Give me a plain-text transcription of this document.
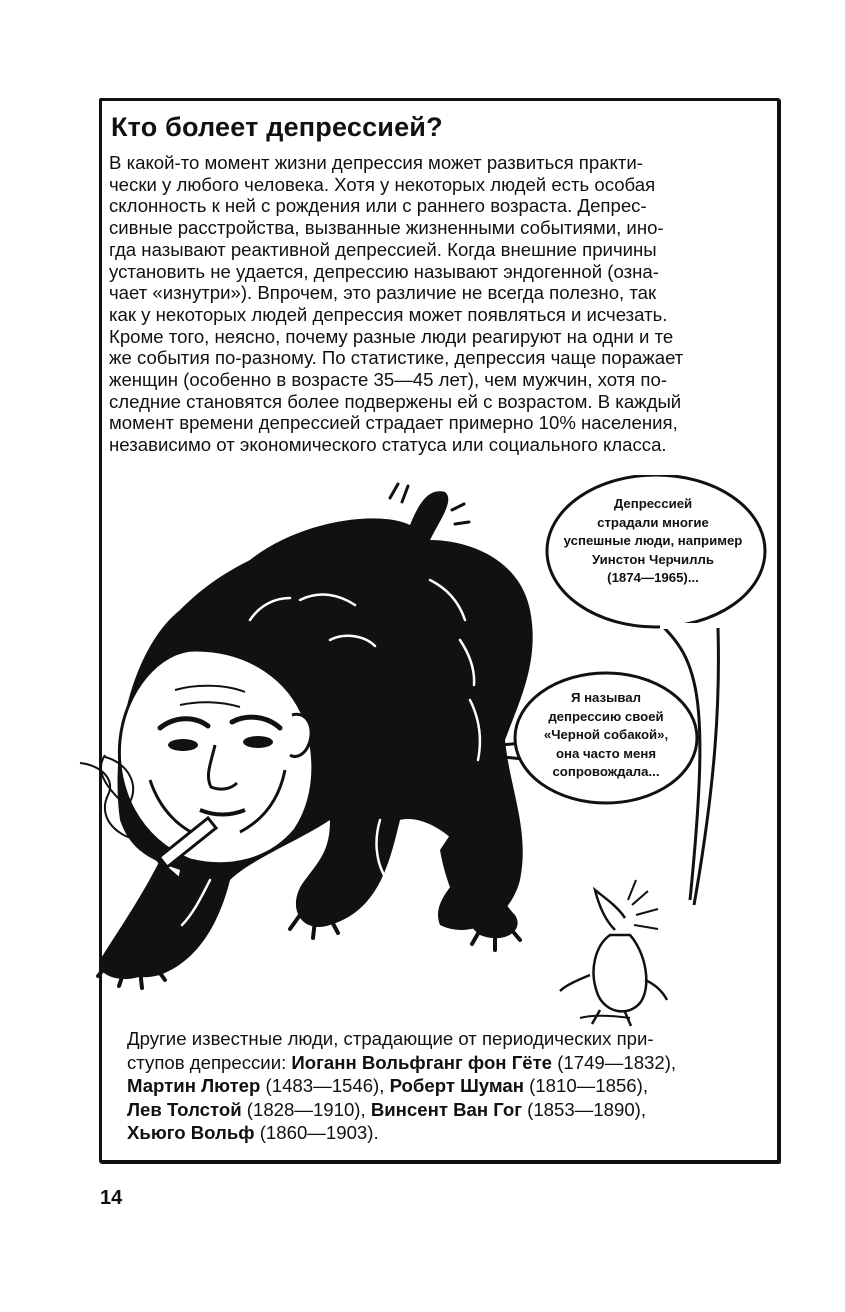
Кто болеет депрессией?
В какой-то момент жизни депрессия может развиться практи-
чески у любого человека. Хотя у некоторых людей есть особая
склонность к ней с рождения или с раннего возраста. Депрес-
сивные расстройства, вызванные жизненными событиями, ино-
гда называют реактивной депрессией. Когда внешние причины
установить не удается, депрессию называют эндогенной (озна-
чает «изнутри»). Впрочем, это различие не всегда полезно, так
как у некоторых людей депрессия может появляться и исчезать.
Кроме того, неясно, почему разные люди реагируют на одни и те
же события по-разному. По статистике, депрессия чаще поражает
женщин (особенно в возрасте 35—45 лет), чем мужчин, хотя по-
следние становятся более подвержены ей с возрастом. В каждый
момент времени депрессией страдает примерно 10% населения,
независимо от экономического статуса или социального класса.
Депрессией
страдали многие
успешные люди, например
Уинстон Черчилль
(1874—1965)...
Я называл
депрессию своей
«Черной собакой»,
она часто меня
сопровождала...
Другие известные люди, страдающие от периодических при-
ступов депрессии: Иоганн Вольфганг фон Гёте (1749—1832),
Мартин Лютер (1483—1546), Роберт Шуман (1810—1856),
Лев Толстой (1828—1910), Винсент Ван Гог (1853—1890),
Хьюго Вольф (1860—1903).
14
